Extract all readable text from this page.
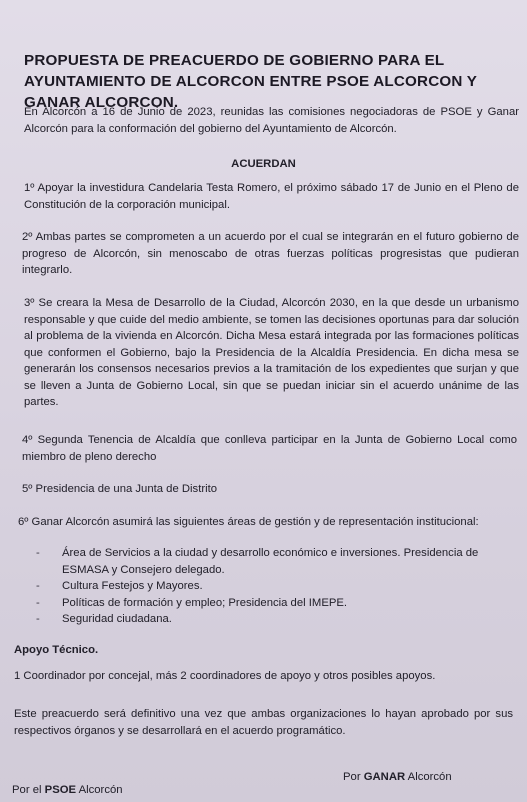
PROPUESTA DE PREACUERDO DE GOBIERNO PARA EL AYUNTAMIENTO DE ALCORCON ENTRE PSOE ALCORCON Y GANAR ALCORCON.
En Alcorcón a 16 de Junio de 2023, reunidas las comisiones negociadoras de PSOE y Ganar Alcorcón para la conformación del gobierno del Ayuntamiento de Alcorcón.
ACUERDAN
1º Apoyar la investidura Candelaria Testa Romero, el próximo sábado 17 de Junio en el Pleno de Constitución de la corporación municipal.
2º Ambas partes se comprometen a un acuerdo por el cual se integrarán en el futuro gobierno de progreso de Alcorcón, sin menoscabo de otras fuerzas políticas progresistas que pudieran integrarlo.
3º Se creara la Mesa de Desarrollo de la Ciudad, Alcorcón 2030, en la que desde un urbanismo responsable y que cuide del medio ambiente, se tomen las decisiones oportunas para dar solución al problema de la vivienda en Alcorcón. Dicha Mesa estará integrada por las formaciones políticas que conformen el Gobierno, bajo la Presidencia de la Alcaldía Presidencia. En dicha mesa se generarán los consensos necesarios previos a la tramitación de los expedientes que surjan y que se lleven a Junta de Gobierno Local, sin que se puedan iniciar sin el acuerdo unánime de las partes.
4º Segunda Tenencia de Alcaldía que conlleva participar en la Junta de Gobierno Local como miembro de pleno derecho
5º Presidencia de una Junta de Distrito
6º Ganar Alcorcón asumirá las siguientes áreas de gestión y de representación institucional:
- Área de Servicios a la ciudad y desarrollo económico e inversiones. Presidencia de ESMASA y Consejero delegado.
- Cultura Festejos y Mayores.
- Políticas de formación y empleo; Presidencia del IMEPE.
- Seguridad ciudadana.
Apoyo Técnico.
1 Coordinador por concejal, más 2 coordinadores de apoyo y otros posibles apoyos.
Este preacuerdo será definitivo una vez que ambas organizaciones lo hayan aprobado por sus respectivos órganos y se desarrollará en el acuerdo programático.
Por el PSOE Alcorcón
Por GANAR Alcorcón
